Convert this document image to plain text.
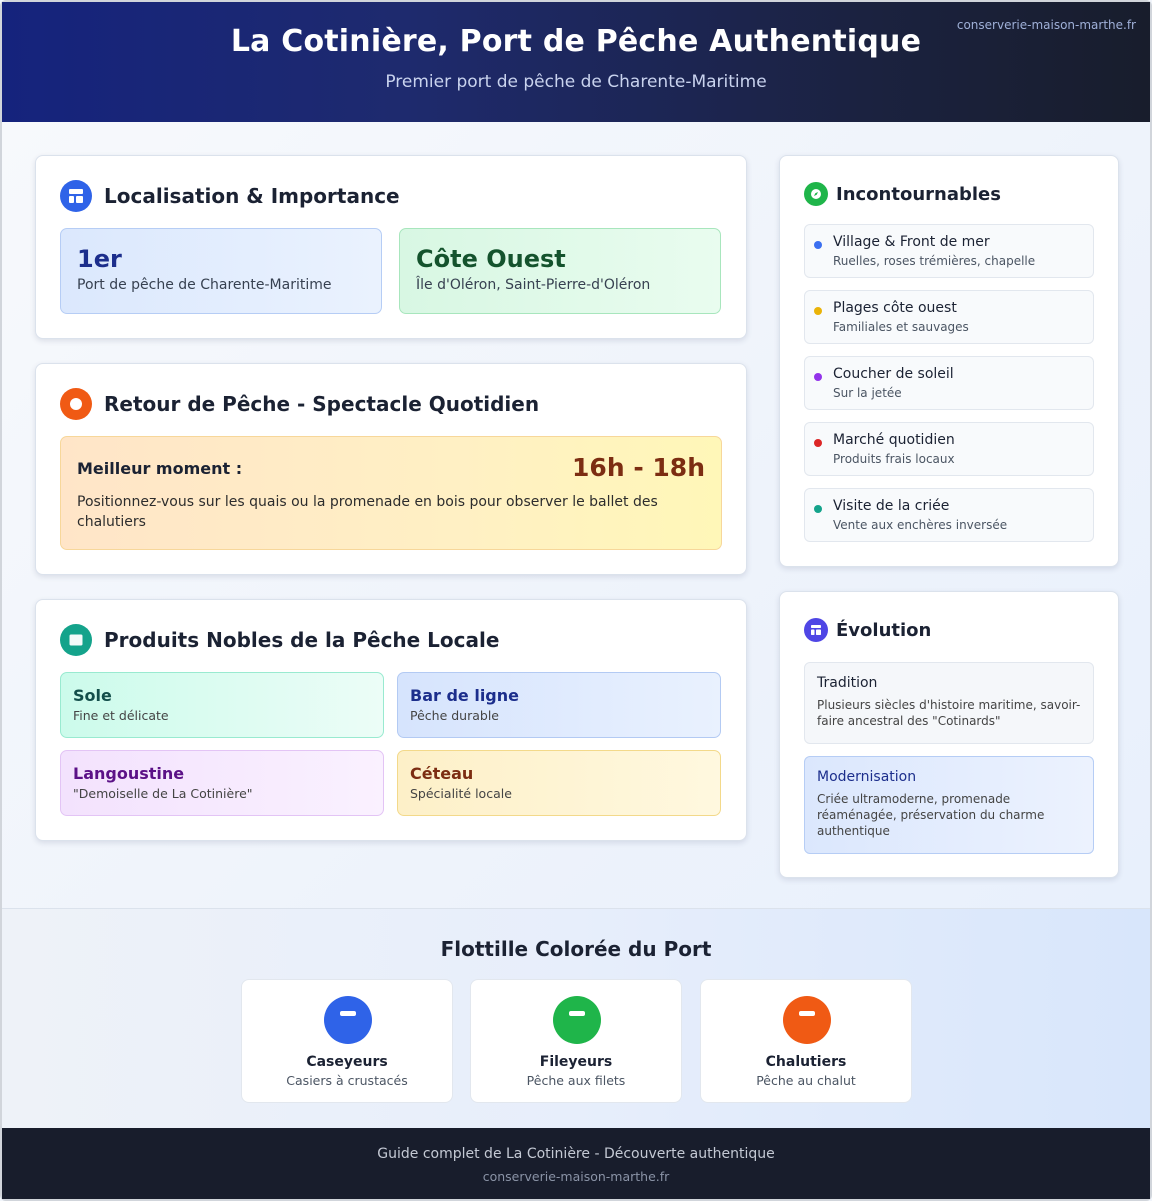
conserverie-maison-marthe.fr
La Cotinière, Port de Pêche Authentique
Premier port de pêche de Charente-Maritime
Localisation & Importance
1er
Port de pêche de Charente-Maritime
Côte Ouest
Île d'Oléron, Saint-Pierre-d'Oléron
Retour de Pêche - Spectacle Quotidien
Meilleur moment :	16h - 18h
Positionnez-vous sur les quais ou la promenade en bois pour observer le ballet des chalutiers
Produits Nobles de la Pêche Locale
Sole
Fine et délicate
Bar de ligne
Pêche durable
Langoustine
"Demoiselle de La Cotinière"
Céteau
Spécialité locale
Incontournables
Village & Front de mer
Ruelles, roses trémières, chapelle
Plages côte ouest
Familiales et sauvages
Coucher de soleil
Sur la jetée
Marché quotidien
Produits frais locaux
Visite de la criée
Vente aux enchères inversée
Évolution
Tradition
Plusieurs siècles d'histoire maritime, savoir-faire ancestral des "Cotinards"
Modernisation
Criée ultramoderne, promenade réaménagée, préservation du charme authentique
Flottille Colorée du Port
Caseyeurs
Casiers à crustacés
Fileyeurs
Pêche aux filets
Chalutiers
Pêche au chalut
Guide complet de La Cotinière - Découverte authentique
conserverie-maison-marthe.fr
